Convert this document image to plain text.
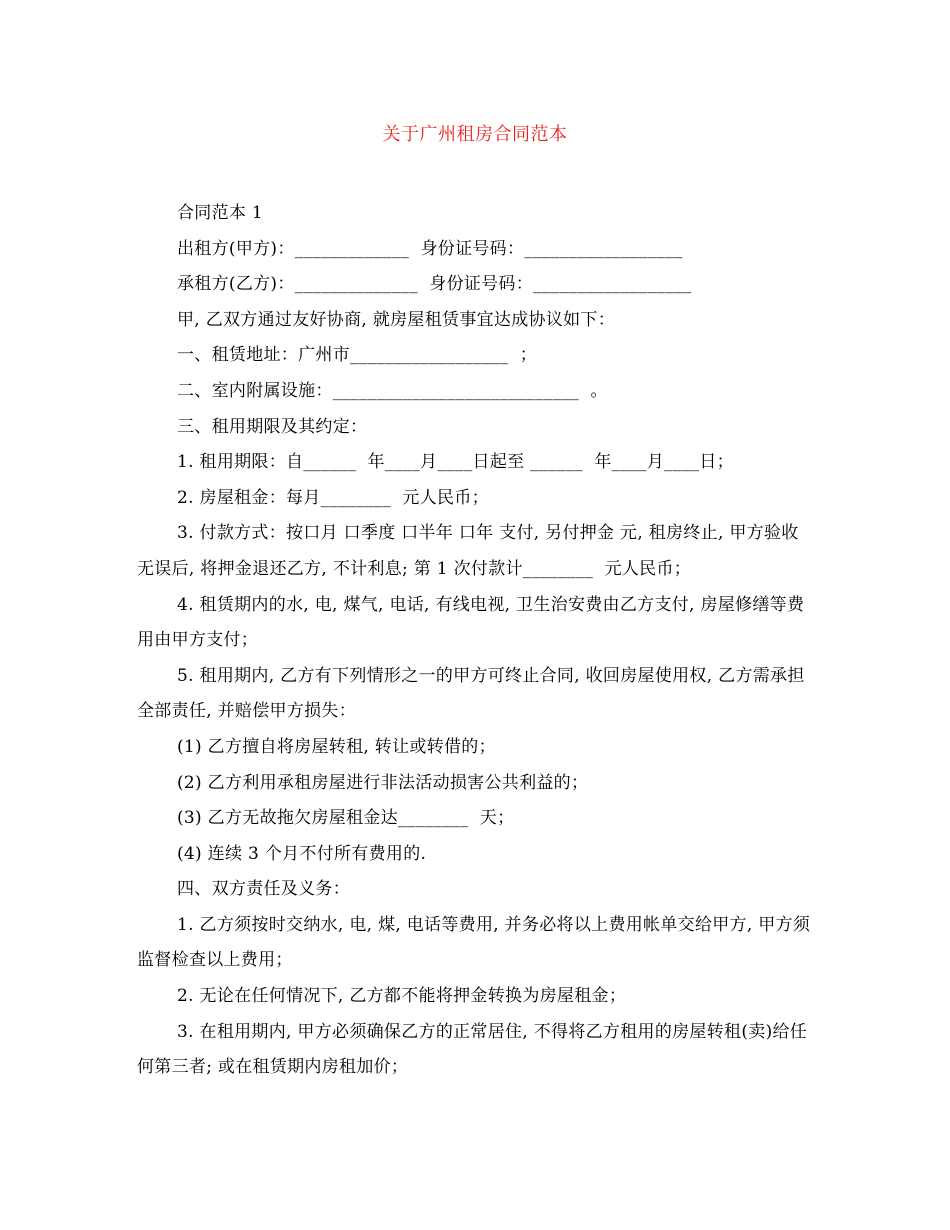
关于广州租房合同范本

合同范本 1

出租方(甲方)：_____________  身份证号码：__________________

承租方(乙方)：______________  身份证号码：__________________

甲, 乙双方通过友好协商, 就房屋租赁事宜达成协议如下：

一、租赁地址：广州市__________________  ；

二、室内附属设施：____________________________  。

三、租用期限及其约定：

1. 租用期限：自______  年____月____日起至 ______  年____月____日；

2. 房屋租金：每月________  元人民币；

3. 付款方式：按口月 口季度 口半年 口年 支付, 另付押金 元, 租房终止, 甲方验收无误后, 将押金退还乙方, 不计利息; 第 1 次付款计________  元人民币；

4. 租赁期内的水, 电, 煤气, 电话, 有线电视, 卫生治安费由乙方支付, 房屋修缮等费用由甲方支付；

5. 租用期内, 乙方有下列情形之一的甲方可终止合同, 收回房屋使用权, 乙方需承担全部责任, 并赔偿甲方损失：

(1) 乙方擅自将房屋转租, 转让或转借的；

(2) 乙方利用承租房屋进行非法活动损害公共利益的；

(3) 乙方无故拖欠房屋租金达________  天；

(4) 连续 3 个月不付所有费用的.

四、双方责任及义务：

1. 乙方须按时交纳水, 电, 煤, 电话等费用, 并务必将以上费用帐单交给甲方, 甲方须监督检查以上费用；

2. 无论在任何情况下, 乙方都不能将押金转换为房屋租金；

3. 在租用期内, 甲方必须确保乙方的正常居住, 不得将乙方租用的房屋转租(卖)给任何第三者; 或在租赁期内房租加价；
